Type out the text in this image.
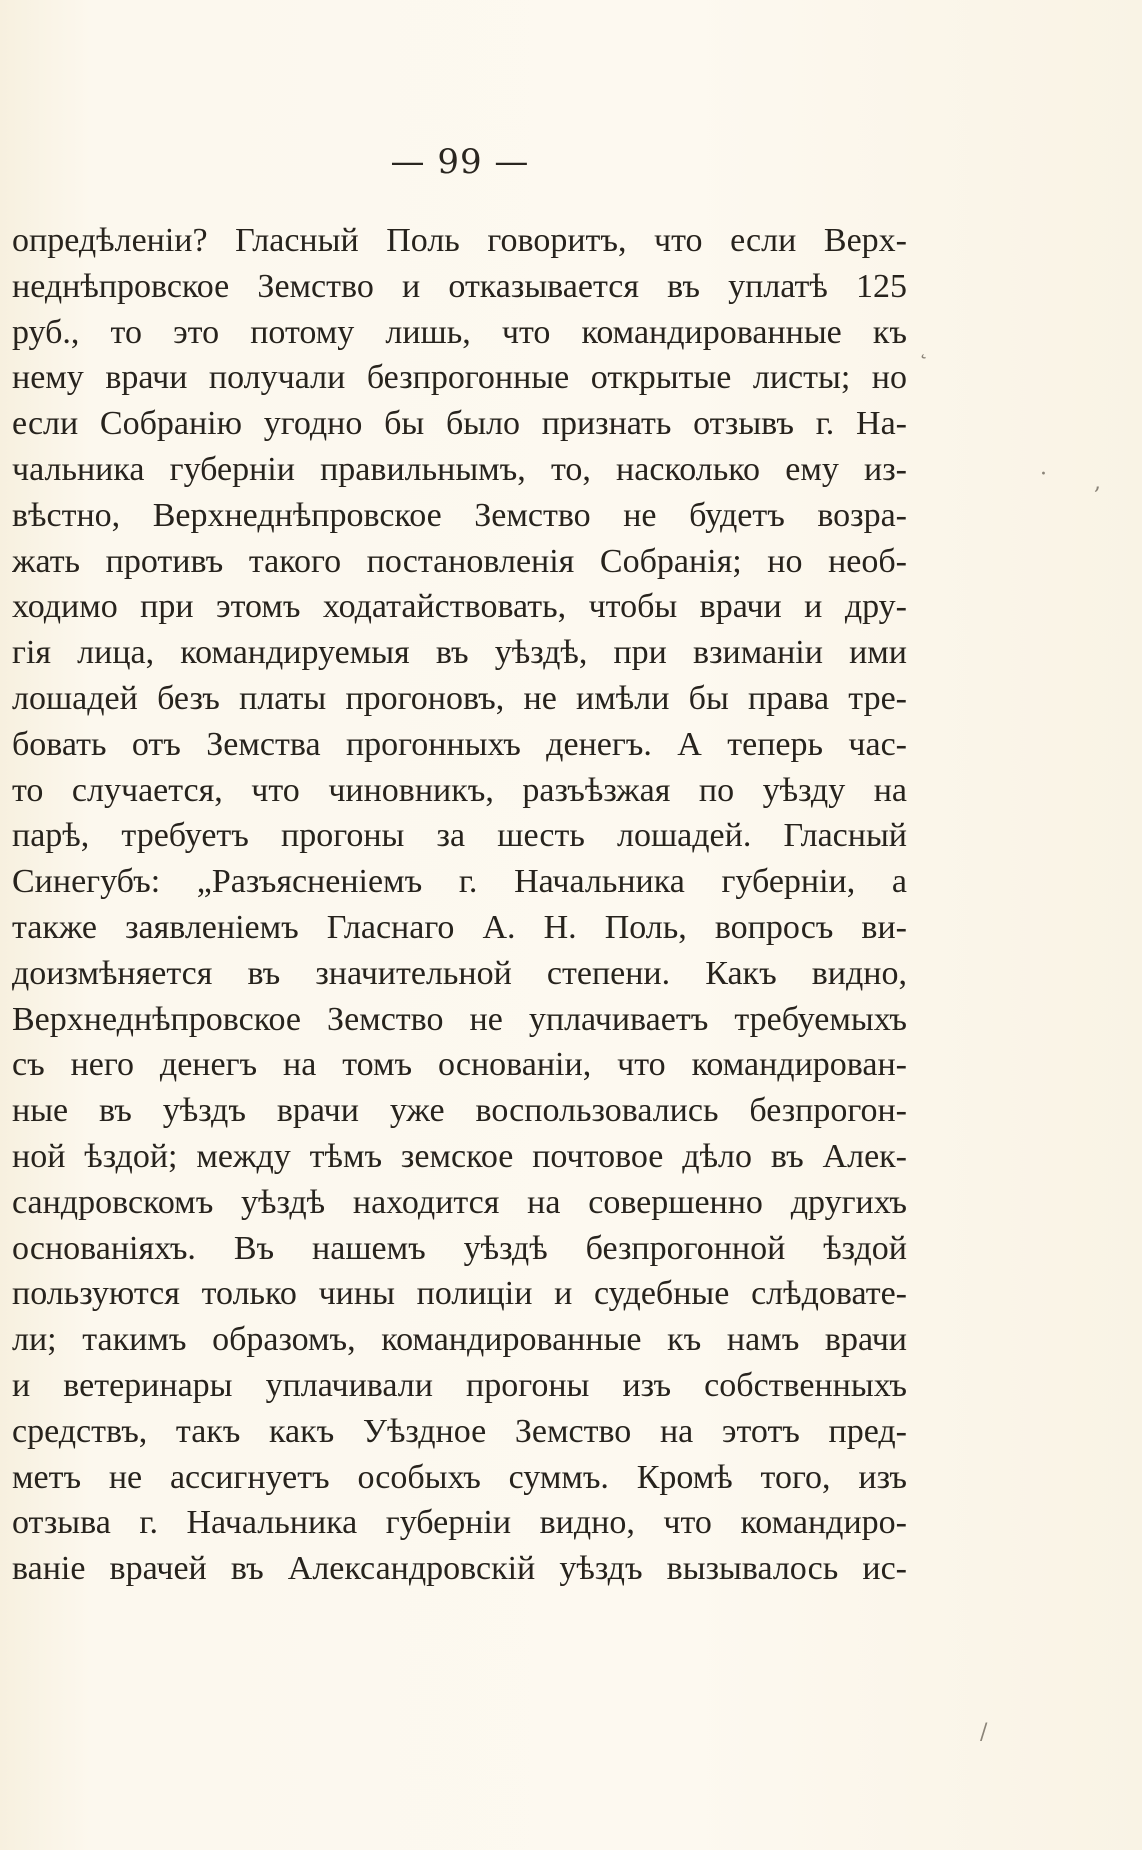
— 99 —
опредѣленіи? Гласный Поль говоритъ, что если Верх-
неднѣпровское Земство и отказывается въ уплатѣ 125
руб., то это потому лишь, что командированные къ
нему врачи получали безпрогонные открытые листы; но
если Собранію угодно бы было признать отзывъ г. На-
чальника губерніи правильнымъ, то, насколько ему из-
вѣстно, Верхнеднѣпровское Земство не будетъ возра-
жать противъ такого постановленія Собранія; но необ-
ходимо при этомъ ходатайствовать, чтобы врачи и дру-
гія лица, командируемыя въ уѣздѣ, при взиманіи ими
лошадей безъ платы прогоновъ, не имѣли бы права тре-
бовать отъ Земства прогонныхъ денегъ. А теперь час-
то случается, что чиновникъ, разъѣзжая по уѣзду на
парѣ, требуетъ прогоны за шесть лошадей. Гласный
Синегубъ: „Разъясненіемъ г. Начальника губерніи, а
также заявленіемъ Гласнаго А. Н. Поль, вопросъ ви-
доизмѣняется въ значительной степени. Какъ видно,
Верхнеднѣпровское Земство не уплачиваетъ требуемыхъ
съ него денегъ на томъ основаніи, что командирован-
ные въ уѣздъ врачи уже воспользовались безпрогон-
ной ѣздой; между тѣмъ земское почтовое дѣло въ Алек-
сандровскомъ уѣздѣ находится на совершенно другихъ
основаніяхъ. Въ нашемъ уѣздѣ безпрогонной ѣздой
пользуются только чины полиціи и судебные слѣдовате-
ли; такимъ образомъ, командированные къ намъ врачи
и ветеринары уплачивали прогоны изъ собственныхъ
средствъ, такъ какъ Уѣздное Земство на этотъ пред-
метъ не ассигнуетъ особыхъ суммъ. Кромѣ того, изъ
отзыва г. Начальника губерніи видно, что командиро-
ваніе врачей въ Александровскій уѣздъ вызывалось ис-
˛
· ,
/
